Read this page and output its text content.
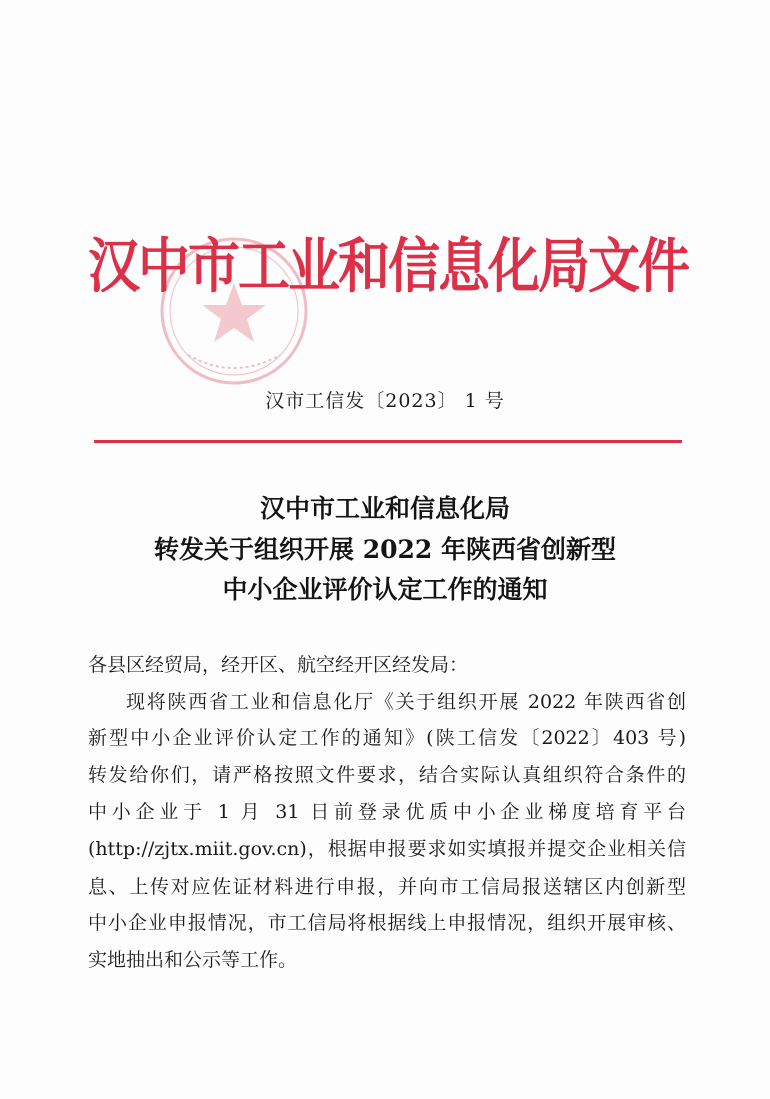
汉中市工业和信息化局文件
汉市工信发〔2023〕 1 号
汉中市工业和信息化局
转发关于组织开展 2022 年陕西省创新型
中小企业评价认定工作的通知
各县区经贸局，经开区、航空经开区经发局：
现将陕西省工业和信息化厅《关于组织开展 2022 年陕西省创
新型中小企业评价认定工作的通知》(陕工信发〔2022〕403 号)
转发给你们，请严格按照文件要求，结合实际认真组织符合条件的
中小企业于 1 月 31 日前登录优质中小企业梯度培育平台
(http://zjtx.miit.gov.cn)，根据申报要求如实填报并提交企业相关信
息、上传对应佐证材料进行申报，并向市工信局报送辖区内创新型
中小企业申报情况，市工信局将根据线上申报情况，组织开展审核、
实地抽出和公示等工作。
